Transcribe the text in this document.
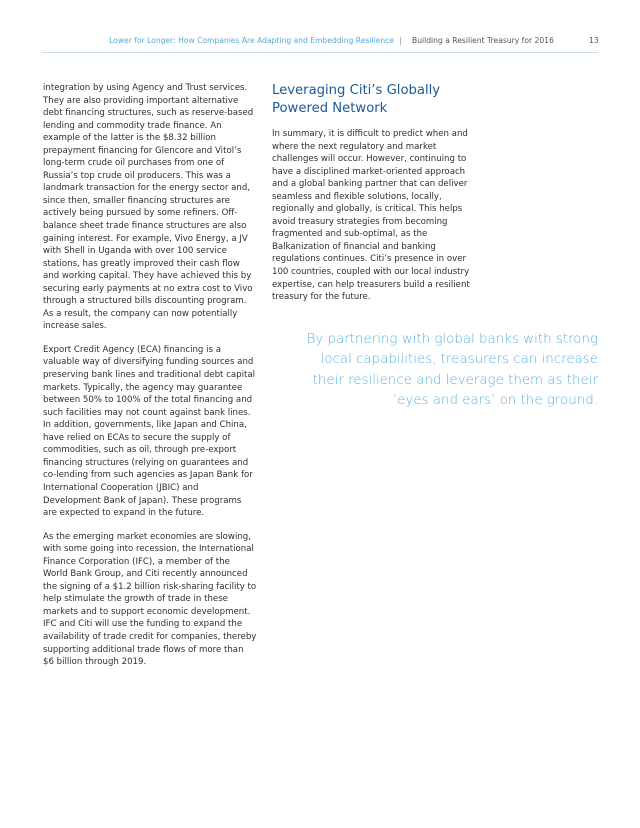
Lower for Longer: How Companies Are Adapting and Embedding Resilience | Building a Resilient Treasury for 2016	13

integration by using Agency and Trust services. They are also providing important alternative debt financing structures, such as reserve-based lending and commodity trade finance. An example of the latter is the $8.32 billion prepayment financing for Glencore and Vitol’s long-term crude oil purchases from one of Russia’s top crude oil producers. This was a landmark transaction for the energy sector and, since then, smaller financing structures are actively being pursued by some refiners. Off-balance sheet trade finance structures are also gaining interest. For example, Vivo Energy, a JV with Shell in Uganda with over 100 service stations, has greatly improved their cash flow and working capital. They have achieved this by securing early payments at no extra cost to Vivo through a structured bills discounting program. As a result, the company can now potentially increase sales.

Export Credit Agency (ECA) financing is a valuable way of diversifying funding sources and preserving bank lines and traditional debt capital markets. Typically, the agency may guarantee between 50% to 100% of the total financing and such facilities may not count against bank lines. In addition, governments, like Japan and China, have relied on ECAs to secure the supply of commodities, such as oil, through pre-export financing structures (relying on guarantees and co-lending from such agencies as Japan Bank for International Cooperation (JBIC) and Development Bank of Japan). These programs are expected to expand in the future.

As the emerging market economies are slowing, with some going into recession, the International Finance Corporation (IFC), a member of the World Bank Group, and Citi recently announced the signing of a $1.2 billion risk-sharing facility to help stimulate the growth of trade in these markets and to support economic development. IFC and Citi will use the funding to expand the availability of trade credit for companies, thereby supporting additional trade flows of more than $6 billion through 2019.

Leveraging Citi’s Globally Powered Network

In summary, it is difficult to predict when and where the next regulatory and market challenges will occur. However, continuing to have a disciplined market-oriented approach and a global banking partner that can deliver seamless and flexible solutions, locally, regionally and globally, is critical. This helps avoid treasury strategies from becoming fragmented and sub-optimal, as the Balkanization of financial and banking regulations continues. Citi’s presence in over 100 countries, coupled with our local industry expertise, can help treasurers build a resilient treasury for the future.

By partnering with global banks with strong local capabilities, treasurers can increase their resilience and leverage them as their ‘eyes and ears’ on the ground.
